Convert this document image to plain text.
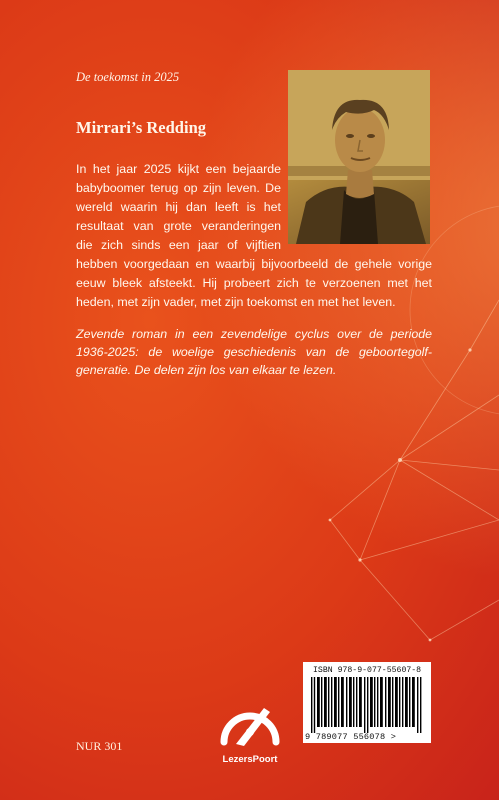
De toekomst in 2025
Mirrari’s Redding
In het jaar 2025 kijkt een bejaarde
babyboomer terug op zijn leven. De
wereld waarin hij dan leeft is het
resultaat van grote veranderingen
die zich sinds een jaar of vijftien
hebben voorgedaan en waarbij bijvoorbeeld de gehele vorige
eeuw bleek afsteekt. Hij probeert zich te verzoenen met het
heden, met zijn vader, met zijn toekomst en met het leven.
Zevende roman in een zevendelige cyclus over de periode
1936-2025: de woelige geschiedenis van de geboortegolf-
generatie. De delen zijn los van elkaar te lezen.
NUR 301
LezersPoort
ISBN 978-9-077-55607-8
9 789077 556078 >
